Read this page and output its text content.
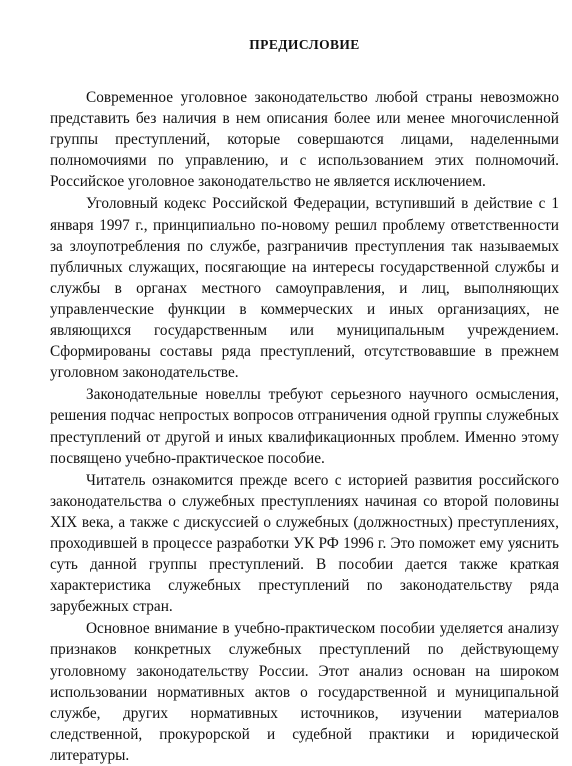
ПРЕДИСЛОВИЕ

Современное уголовное законодательство любой страны невозможно представить без наличия в нем описания более или менее многочисленной группы преступлений, которые совершаются лицами, наделенными полномочиями по управлению, и с использованием этих полномочий. Российское уголовное законодательство не является исключением.

Уголовный кодекс Российской Федерации, вступивший в действие с 1 января 1997 г., принципиально по-новому решил проблему ответственности за злоупотребления по службе, разграничив преступления так называемых публичных служащих, посягающие на интересы государственной службы и службы в органах местного самоуправления, и лиц, выполняющих управленческие функции в коммерческих и иных организациях, не являющихся государственным или муниципальным учреждением. Сформированы составы ряда преступлений, отсутствовавшие в прежнем уголовном законодательстве.

Законодательные новеллы требуют серьезного научного осмысления, решения подчас непростых вопросов отграничения одной группы служебных преступлений от другой и иных квалификационных проблем. Именно этому посвящено учебно-практическое пособие.

Читатель ознакомится прежде всего с историей развития российского законодательства о служебных преступлениях начиная со второй половины XIX века, а также с дискуссией о служебных (должностных) преступлениях, проходившей в процессе разработки УК РФ 1996 г. Это поможет ему уяснить суть данной группы преступлений. В пособии дается также краткая характеристика служебных преступлений по законодательству ряда зарубежных стран.

Основное внимание в учебно-практическом пособии уделяется анализу признаков конкретных служебных преступлений по действующему уголовному законодательству России. Этот анализ основан на широком использовании нормативных актов о государственной и муниципальной службе, других нормативных источников, изучении материалов следственной, прокурорской и судебной практики и юридической литературы.
